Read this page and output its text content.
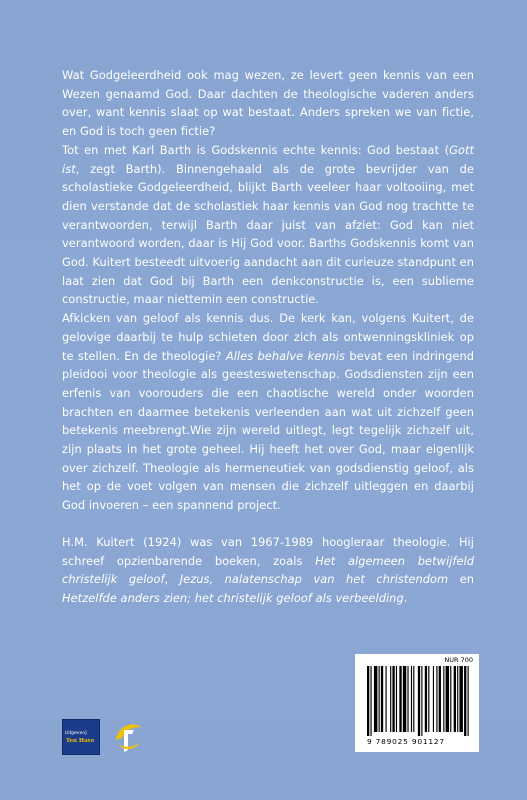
Wat Godgeleerdheid ook mag wezen, ze levert geen kennis van een Wezen genaamd God. Daar dachten de theologische vaderen anders over, want kennis slaat op wat bestaat. Anders spreken we van fictie, en God is toch geen fictie?

Tot en met Karl Barth is Godskennis echte kennis: God bestaat (Gott ist, zegt Barth). Binnengehaald als de grote bevrijder van de scholastieke Godgeleerdheid, blijkt Barth veeleer haar voltooiing, met dien verstande dat de scholastiek haar kennis van God nog trachtte te verantwoorden, terwijl Barth daar juist van afziet: God kan niet verantwoord worden, daar is Hij God voor. Barths Godskennis komt van God. Kuitert besteedt uitvoerig aandacht aan dit curieuze standpunt en laat zien dat God bij Barth een denkconstructie is, een sublieme constructie, maar niettemin een constructie.

Afkicken van geloof als kennis dus. De kerk kan, volgens Kuitert, de gelovige daarbij te hulp schieten door zich als ontwenningskliniek op te stellen. En de theologie? Alles behalve kennis bevat een indringend pleidooi voor theologie als geesteswetenschap. Godsdiensten zijn een erfenis van voorouders die een chaotische wereld onder woorden brachten en daarmee betekenis verleenden aan wat uit zichzelf geen betekenis meebrengt.Wie zijn wereld uitlegt, legt tegelijk zichzelf uit, zijn plaats in het grote geheel. Hij heeft het over God, maar eigenlijk over zichzelf. Theologie als hermeneutiek van godsdienstig geloof, als het op de voet volgen van mensen die zichzelf uitleggen en daarbij God invoeren – een spannend project.

H.M. Kuitert (1924) was van 1967-1989 hoogleraar theologie. Hij schreef opzienbarende boeken, zoals Het algemeen betwijfeld christelijk geloof, Jezus, nalatenschap van het christendom en Hetzelfde anders zien; het christelijk geloof als verbeelding.

Uitgeverij
Ten Have
NUR 700
9 789025 901127
